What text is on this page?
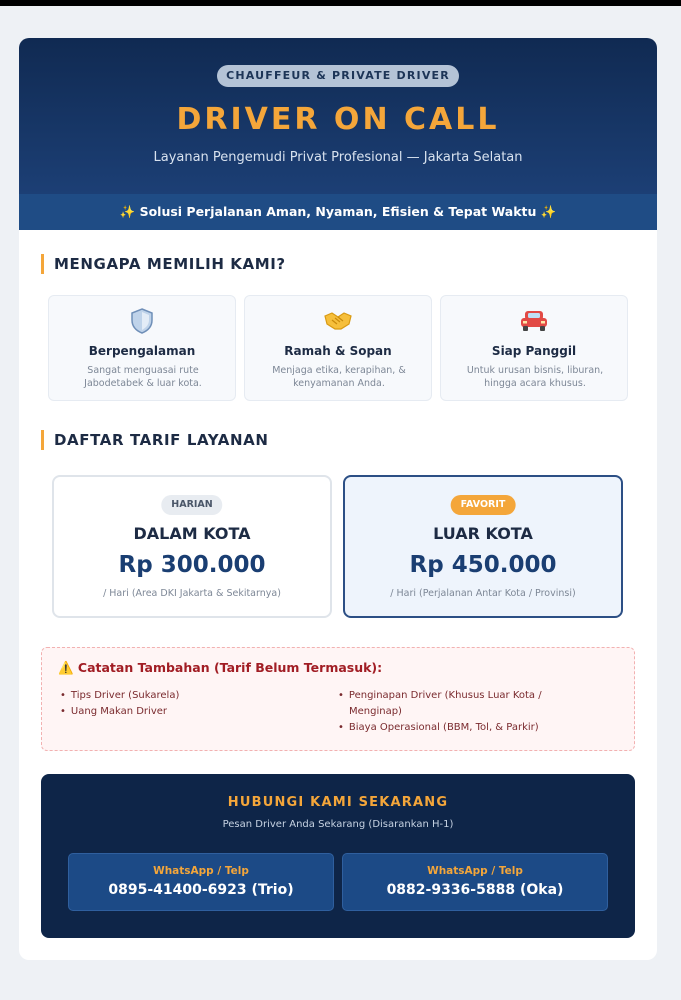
CHAUFFEUR & PRIVATE DRIVER
DRIVER ON CALL
Layanan Pengemudi Privat Profesional — Jakarta Selatan
✨ Solusi Perjalanan Aman, Nyaman, Efisien & Tepat Waktu ✨
MENGAPA MEMILIH KAMI?
Berpengalaman
Sangat menguasai rute Jabodetabek & luar kota.
Ramah & Sopan
Menjaga etika, kerapihan, & kenyamanan Anda.
Siap Panggil
Untuk urusan bisnis, liburan, hingga acara khusus.
DAFTAR TARIF LAYANAN
HARIAN
DALAM KOTA
Rp 300.000
/ Hari (Area DKI Jakarta & Sekitarnya)
FAVORIT
LUAR KOTA
Rp 450.000
/ Hari (Perjalanan Antar Kota / Provinsi)
⚠️ Catatan Tambahan (Tarif Belum Termasuk):
• Tips Driver (Sukarela)
• Uang Makan Driver
• Penginapan Driver (Khusus Luar Kota /
Menginap)
• Biaya Operasional (BBM, Tol, & Parkir)
HUBUNGI KAMI SEKARANG
Pesan Driver Anda Sekarang (Disarankan H-1)
WhatsApp / Telp
0895-41400-6923 (Trio)
WhatsApp / Telp
0882-9336-5888 (Oka)
